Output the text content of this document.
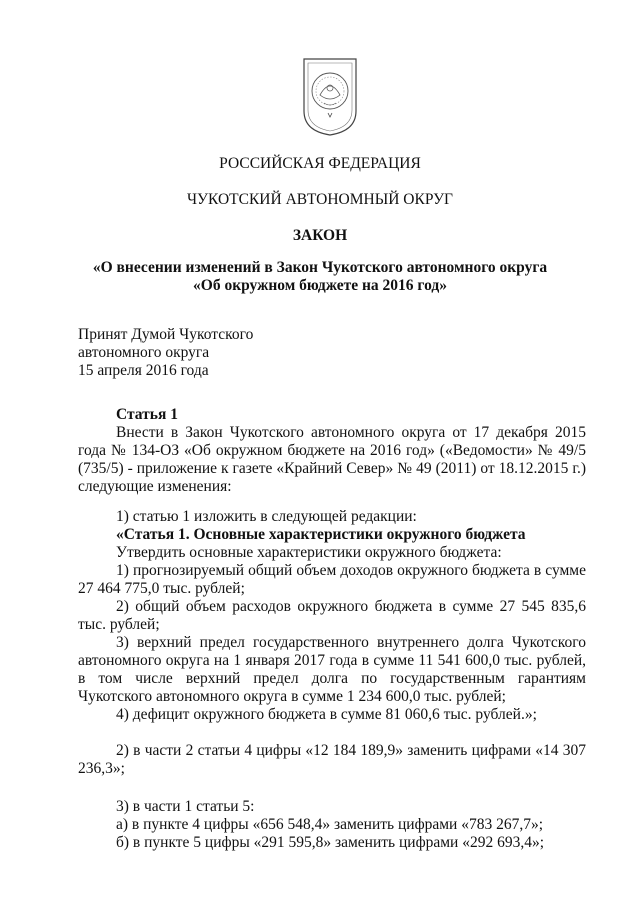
РОССИЙСКАЯ ФЕДЕРАЦИЯ
ЧУКОТСКИЙ АВТОНОМНЫЙ ОКРУГ
ЗАКОН
«О внесении изменений в Закон Чукотского автономного округа
«Об окружном бюджете на 2016 год»
Принят Думой Чукотского
автономного округа
15 апреля 2016 года
Статья 1
Внести в Закон Чукотского автономного округа от 17 декабря 2015 года № 134-ОЗ «Об окружном бюджете на 2016 год» («Ведомости» № 49/5 (735/5) - приложение к газете «Крайний Север» № 49 (2011) от 18.12.2015 г.) следующие изменения:
1) статью 1 изложить в следующей редакции:
«Статья 1. Основные характеристики окружного бюджета
Утвердить основные характеристики окружного бюджета:
1) прогнозируемый общий объем доходов окружного бюджета в сумме 27 464 775,0 тыс. рублей;
2) общий объем расходов окружного бюджета в сумме 27 545 835,6 тыс. рублей;
3) верхний предел государственного внутреннего долга Чукотского автономного округа на 1 января 2017 года в сумме 11 541 600,0 тыс. рублей, в том числе верхний предел долга по государственным гарантиям Чукотского автономного округа в сумме 1 234 600,0 тыс. рублей;
4) дефицит окружного бюджета в сумме 81 060,6 тыс. рублей.»;
2) в части 2 статьи 4 цифры «12 184 189,9» заменить цифрами «14 307 236,3»;
3) в части 1 статьи 5:
а) в пункте 4 цифры «656 548,4» заменить цифрами «783 267,7»;
б) в пункте 5 цифры «291 595,8» заменить цифрами «292 693,4»;
